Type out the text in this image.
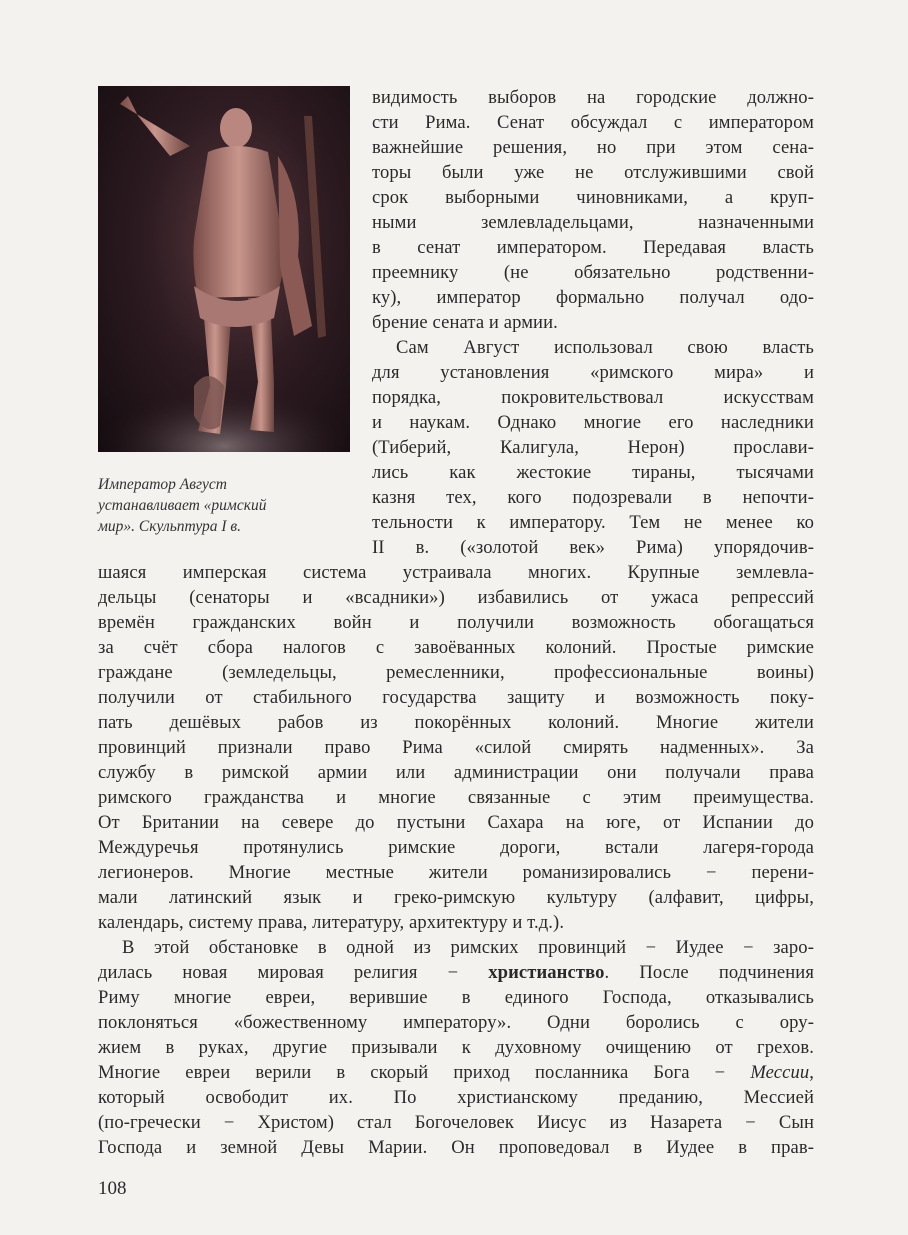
Император Август
устанавливает «римский
мир». Скульптура I в.
видимость выборов на городские должно-
сти Рима. Сенат обсуждал с императором
важнейшие решения, но при этом сена-
торы были уже не отслужившими свой
срок выборными чиновниками, а круп-
ными землевладельцами, назначенными
в сенат императором. Передавая власть
преемнику (не обязательно родственни-
ку), император формально получал одо-
брение сената и армии.
Сам Август использовал свою власть
для установления «римского мира» и
порядка, покровительствовал искусствам
и наукам. Однако многие его наследники
(Тиберий, Калигула, Нерон) прослави-
лись как жестокие тираны, тысячами
казня тех, кого подозревали в непочти-
тельности к императору. Тем не менее ко
II в. («золотой век» Рима) упорядочив-
шаяся имперская система устраивала многих. Крупные землевла-
дельцы (сенаторы и «всадники») избавились от ужаса репрессий
времён гражданских войн и получили возможность обогащаться
за счёт сбора налогов с завоёванных колоний. Простые римские
граждане (земледельцы, ремесленники, профессиональные воины)
получили от стабильного государства защиту и возможность поку-
пать дешёвых рабов из покорённых колоний. Многие жители
провинций признали право Рима «силой смирять надменных». За
службу в римской армии или администрации они получали права
римского гражданства и многие связанные с этим преимущества.
От Британии на севере до пустыни Сахара на юге, от Испании до
Междуречья протянулись римские дороги, встали лагеря-города
легионеров. Многие местные жители романизировались − перени-
мали латинский язык и греко-римскую культуру (алфавит, цифры,
календарь, систему права, литературу, архитектуру и т.д.).
В этой обстановке в одной из римских провинций − Иудее − заро-
дилась новая мировая религия − христианство. После подчинения
Риму многие евреи, верившие в единого Господа, отказывались
поклоняться «божественному императору». Одни боролись с ору-
жием в руках, другие призывали к духовному очищению от грехов.
Многие евреи верили в скорый приход посланника Бога − Мессии,
который освободит их. По христианскому преданию, Мессией
(по-гречески − Христом) стал Богочеловек Иисус из Назарета − Сын
Господа и земной Девы Марии. Он проповедовал в Иудее в прав-
108
